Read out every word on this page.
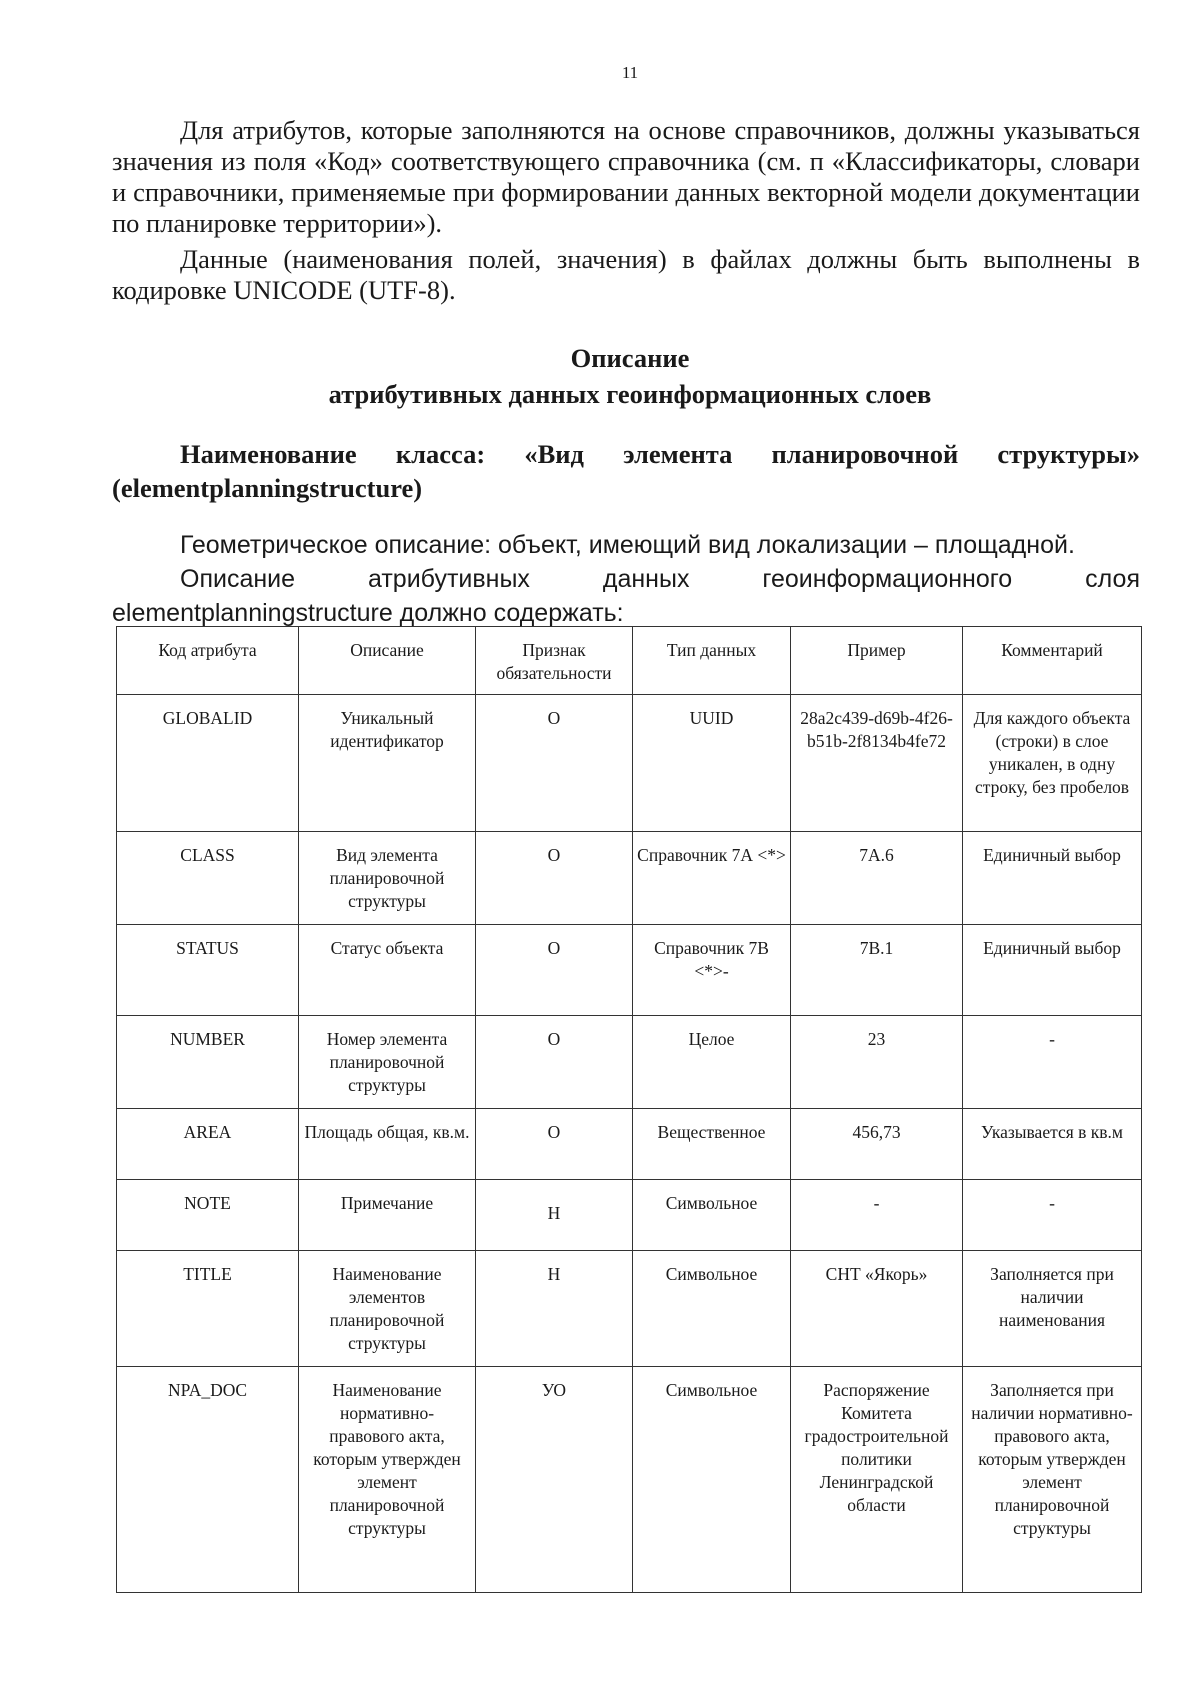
11

Для атрибутов, которые заполняются на основе справочников, должны указываться значения из поля «Код» соответствующего справочника (см. п «Классификаторы, словари и справочники, применяемые при формировании данных векторной модели документации по планировке территории»).

Данные (наименования полей, значения) в файлах должны быть выполнены в кодировке UNICODE (UTF-8).

Описание
атрибутивных данных геоинформационных слоев
Наименование класса: «Вид элемента планировочной структуры» (elementplanningstructure)
Геометрическое описание: объект, имеющий вид локализации – площадной.
Описание атрибутивных данных геоинформационного слоя elementplanningstructure должно содержать:
Код атрибута	Описание	Признак обязательности	Тип данных	Пример	Комментарий
GLOBALID	Уникальный идентификатор	О	UUID	28a2c439-d69b-4f26-b51b-2f8134b4fe72	Для каждого объекта (строки) в слое уникален, в одну строку, без пробелов
CLASS	Вид элемента планировочной структуры	О	Справочник 7А <*>	7А.6	Единичный выбор
STATUS	Статус объекта	О	Справочник 7В <*>-	7В.1	Единичный выбор
NUMBER	Номер элемента планировочной структуры	О	Целое	23	-
AREA	Площадь общая, кв.м.	О	Вещественное	456,73	Указывается в кв.м
NOTE	Примечание	Н	Символьное	-	-
TITLE	Наименование элементов планировочной структуры	Н	Символьное	СНТ «Якорь»	Заполняется при наличии наименования
NPA_DOC	Наименование нормативно-правового акта, которым утвержден элемент планировочной структуры	УО	Символьное	Распоряжение Комитета градостроительной политики Ленинградской области	Заполняется при наличии нормативно-правового акта, которым утвержден элемент планировочной структуры
